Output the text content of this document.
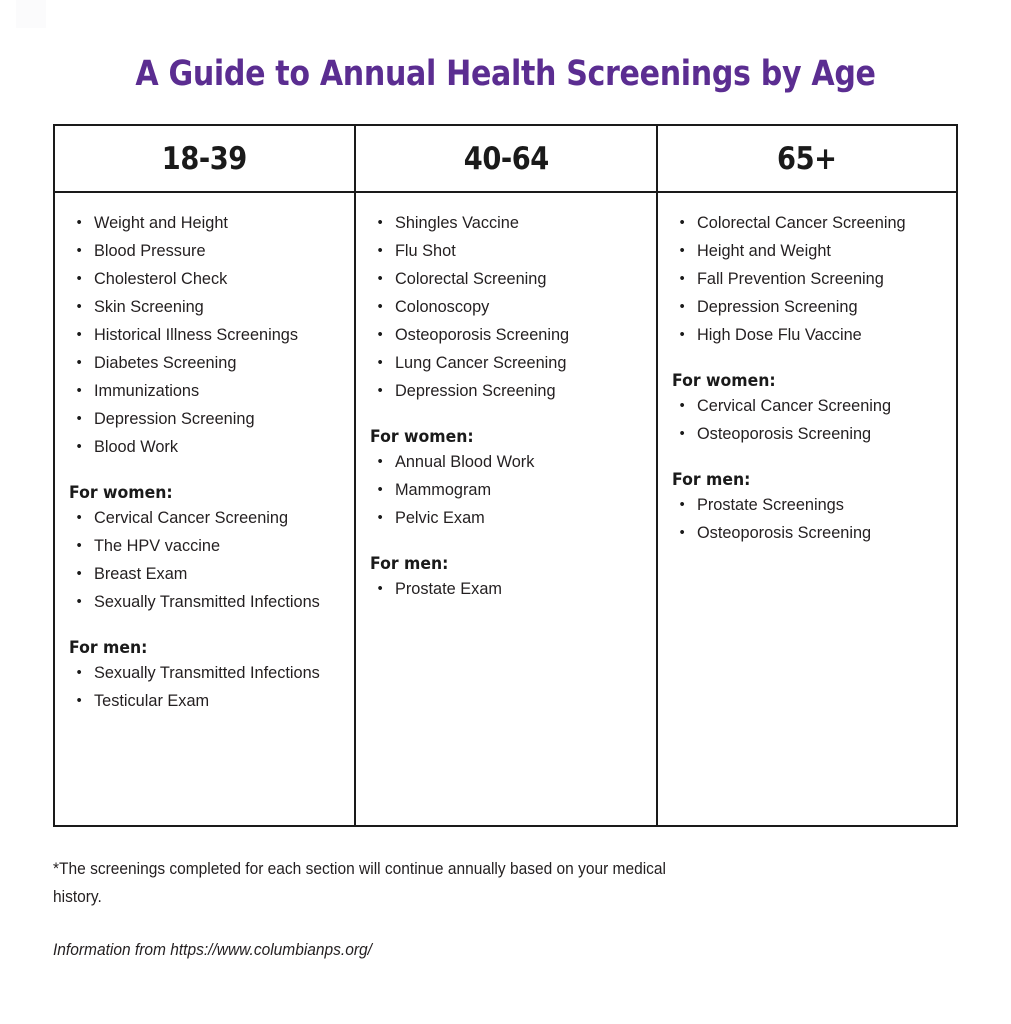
A Guide to Annual Health Screenings by Age
18-39	40-64	65+
• Weight and Height
• Blood Pressure
• Cholesterol Check
• Skin Screening
• Historical Illness Screenings
• Diabetes Screening
• Immunizations
• Depression Screening
• Blood Work
For women:
• Cervical Cancer Screening
• The HPV vaccine
• Breast Exam
• Sexually Transmitted Infections
For men:
• Sexually Transmitted Infections
• Testicular Exam
• Shingles Vaccine
• Flu Shot
• Colorectal Screening
• Colonoscopy
• Osteoporosis Screening
• Lung Cancer Screening
• Depression Screening
For women:
• Annual Blood Work
• Mammogram
• Pelvic Exam
For men:
• Prostate Exam
• Colorectal Cancer Screening
• Height and Weight
• Fall Prevention Screening
• Depression Screening
• High Dose Flu Vaccine
For women:
• Cervical Cancer Screening
• Osteoporosis Screening
For men:
• Prostate Screenings
• Osteoporosis Screening

*The screenings completed for each section will continue annually based on your medical history.

Information from https://www.columbianps.org/
